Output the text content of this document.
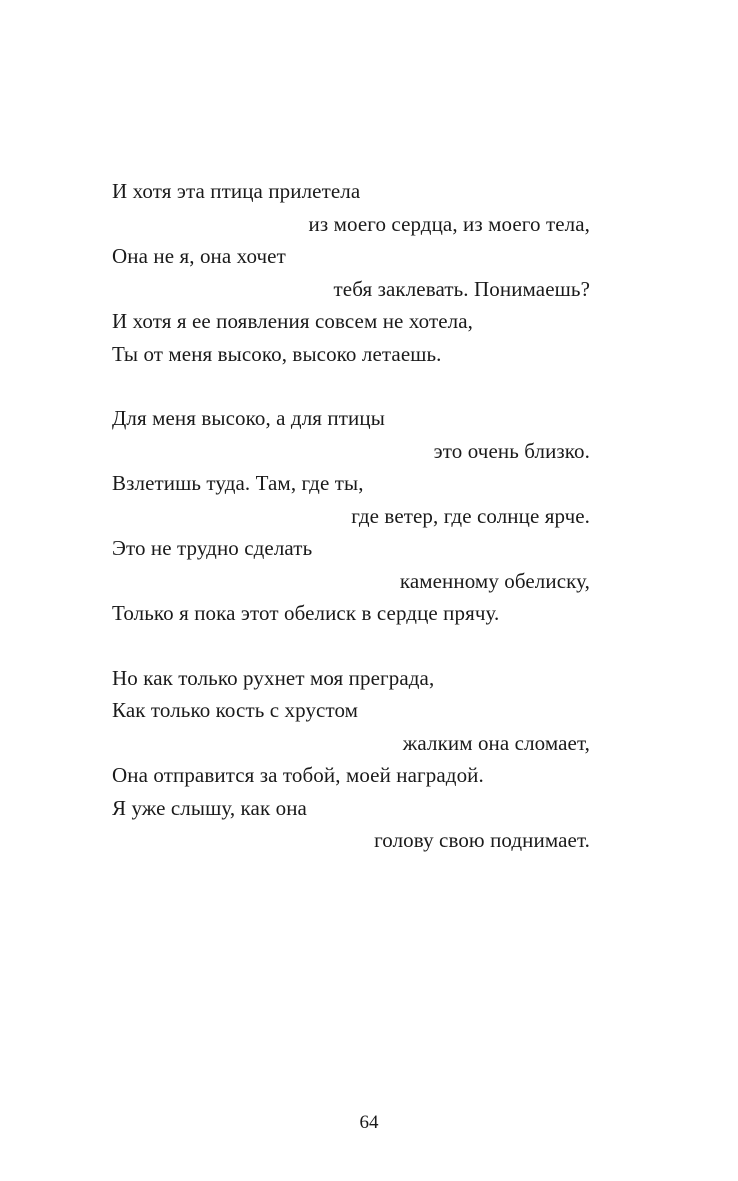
И хотя эта птица прилетела
из моего сердца, из моего тела,
Она не я, она хочет
тебя заклевать. Понимаешь?
И хотя я ее появления совсем не хотела,
Ты от меня высоко, высоко летаешь.
Для меня высоко, а для птицы
это очень близко.
Взлетишь туда. Там, где ты,
где ветер, где солнце ярче.
Это не трудно сделать
каменному обелиску,
Только я пока этот обелиск в сердце прячу.
Но как только рухнет моя преграда,
Как только кость с хрустом
жалким она сломает,
Она отправится за тобой, моей наградой.
Я уже слышу, как она
голову свою поднимает.
64
